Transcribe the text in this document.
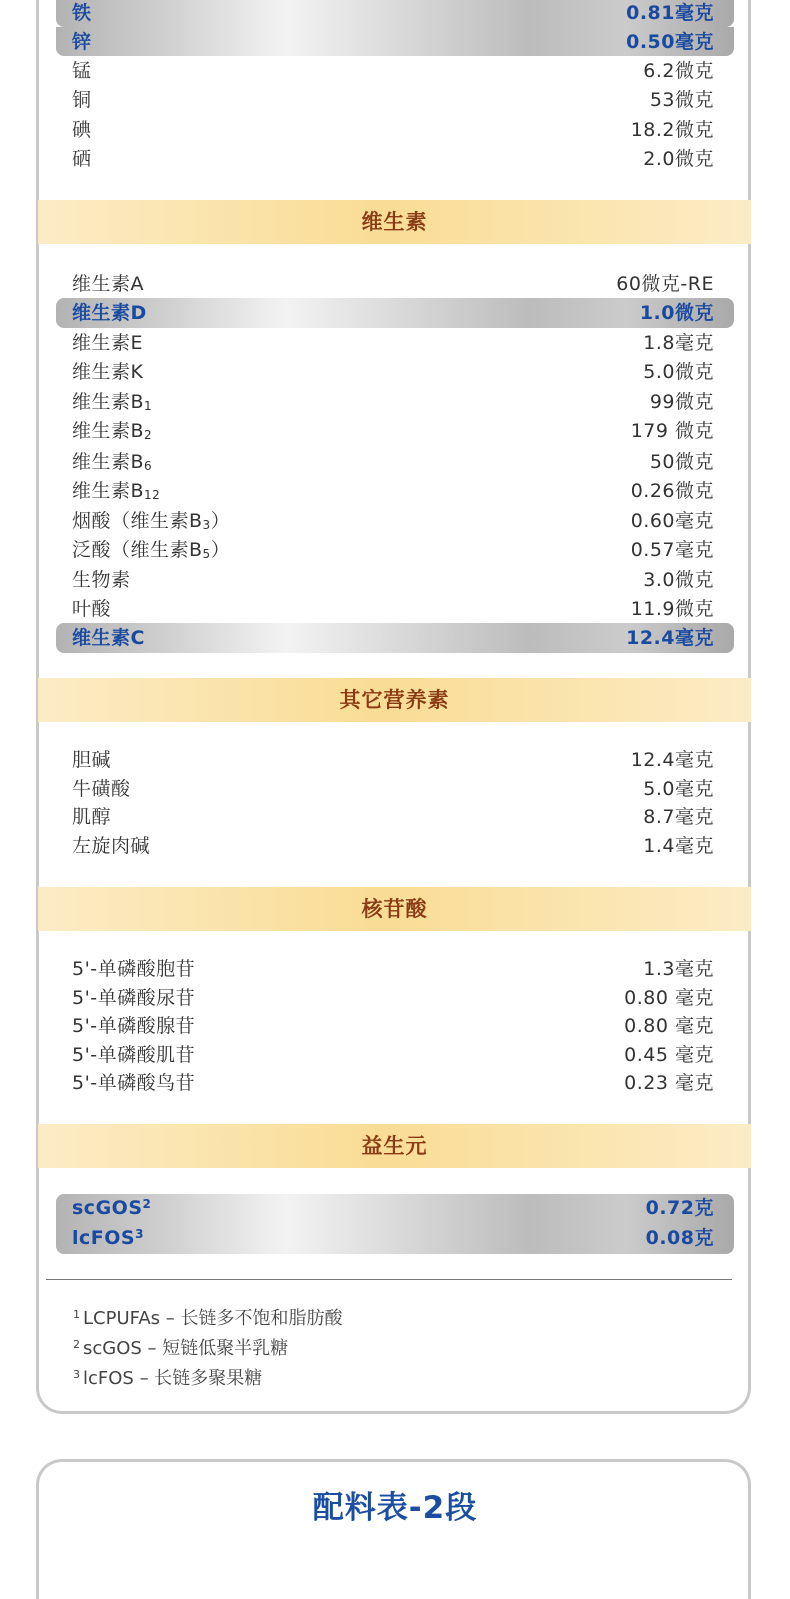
铁	0.81毫克
锌	0.50毫克
锰	6.2微克
铜	53微克
碘	18.2微克
硒	2.0微克
维生素
维生素A	60微克-RE
维生素D	1.0微克
维生素E	1.8毫克
维生素K	5.0微克
维生素$B_1$	99微克
维生素$B_2$	179 微克
维生素$B_6$	50微克
维生素$B_{12}$	0.26微克
烟酸（维生素$B_3$）	0.60毫克
泛酸（维生素$B_5$）	0.57毫克
生物素	3.0微克
叶酸	11.9微克
维生素C	12.4毫克
其它营养素
胆碱	12.4毫克
牛磺酸	5.0毫克
肌醇	8.7毫克
左旋肉碱	1.4毫克
核苷酸
5'-单磷酸胞苷	1.3毫克
5'-单磷酸尿苷	0.80 毫克
5'-单磷酸腺苷	0.80 毫克
5'-单磷酸肌苷	0.45 毫克
5'-单磷酸鸟苷	0.23 毫克
益生元
scGOS$^2$	0.72克
lcFOS$^3$	0.08克
$^1$ LCPUFAs – 长链多不饱和脂肪酸
$^2$ scGOS – 短链低聚半乳糖
$^3$ lcFOS – 长链多聚果糖
配料表-2段
